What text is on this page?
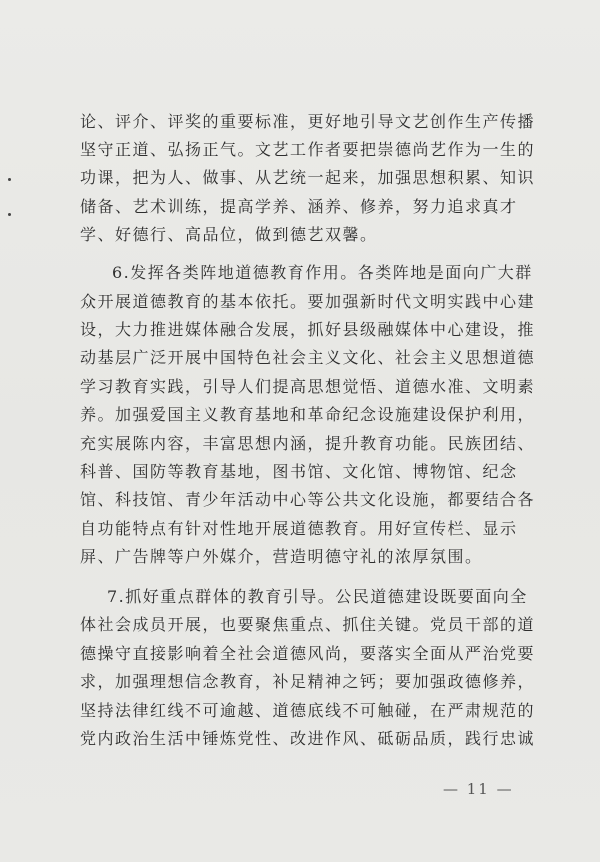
论、评介、评奖的重要标准，更好地引导文艺创作生产传播
坚守正道、弘扬正气。文艺工作者要把崇德尚艺作为一生的
功课，把为人、做事、从艺统一起来，加强思想积累、知识
储备、艺术训练，提高学养、涵养、修养，努力追求真才
学、好德行、高品位，做到德艺双馨。
6.发挥各类阵地道德教育作用。各类阵地是面向广大群
众开展道德教育的基本依托。要加强新时代文明实践中心建
设，大力推进媒体融合发展，抓好县级融媒体中心建设，推
动基层广泛开展中国特色社会主义文化、社会主义思想道德
学习教育实践，引导人们提高思想觉悟、道德水准、文明素
养。加强爱国主义教育基地和革命纪念设施建设保护利用，
充实展陈内容，丰富思想内涵，提升教育功能。民族团结、
科普、国防等教育基地，图书馆、文化馆、博物馆、纪念
馆、科技馆、青少年活动中心等公共文化设施，都要结合各
自功能特点有针对性地开展道德教育。用好宣传栏、显示
屏、广告牌等户外媒介，营造明德守礼的浓厚氛围。
7.抓好重点群体的教育引导。公民道德建设既要面向全
体社会成员开展，也要聚焦重点、抓住关键。党员干部的道
德操守直接影响着全社会道德风尚，要落实全面从严治党要
求，加强理想信念教育，补足精神之钙；要加强政德修养，
坚持法律红线不可逾越、道德底线不可触碰，在严肃规范的
党内政治生活中锤炼党性、改进作风、砥砺品质，践行忠诚
— 11 —
